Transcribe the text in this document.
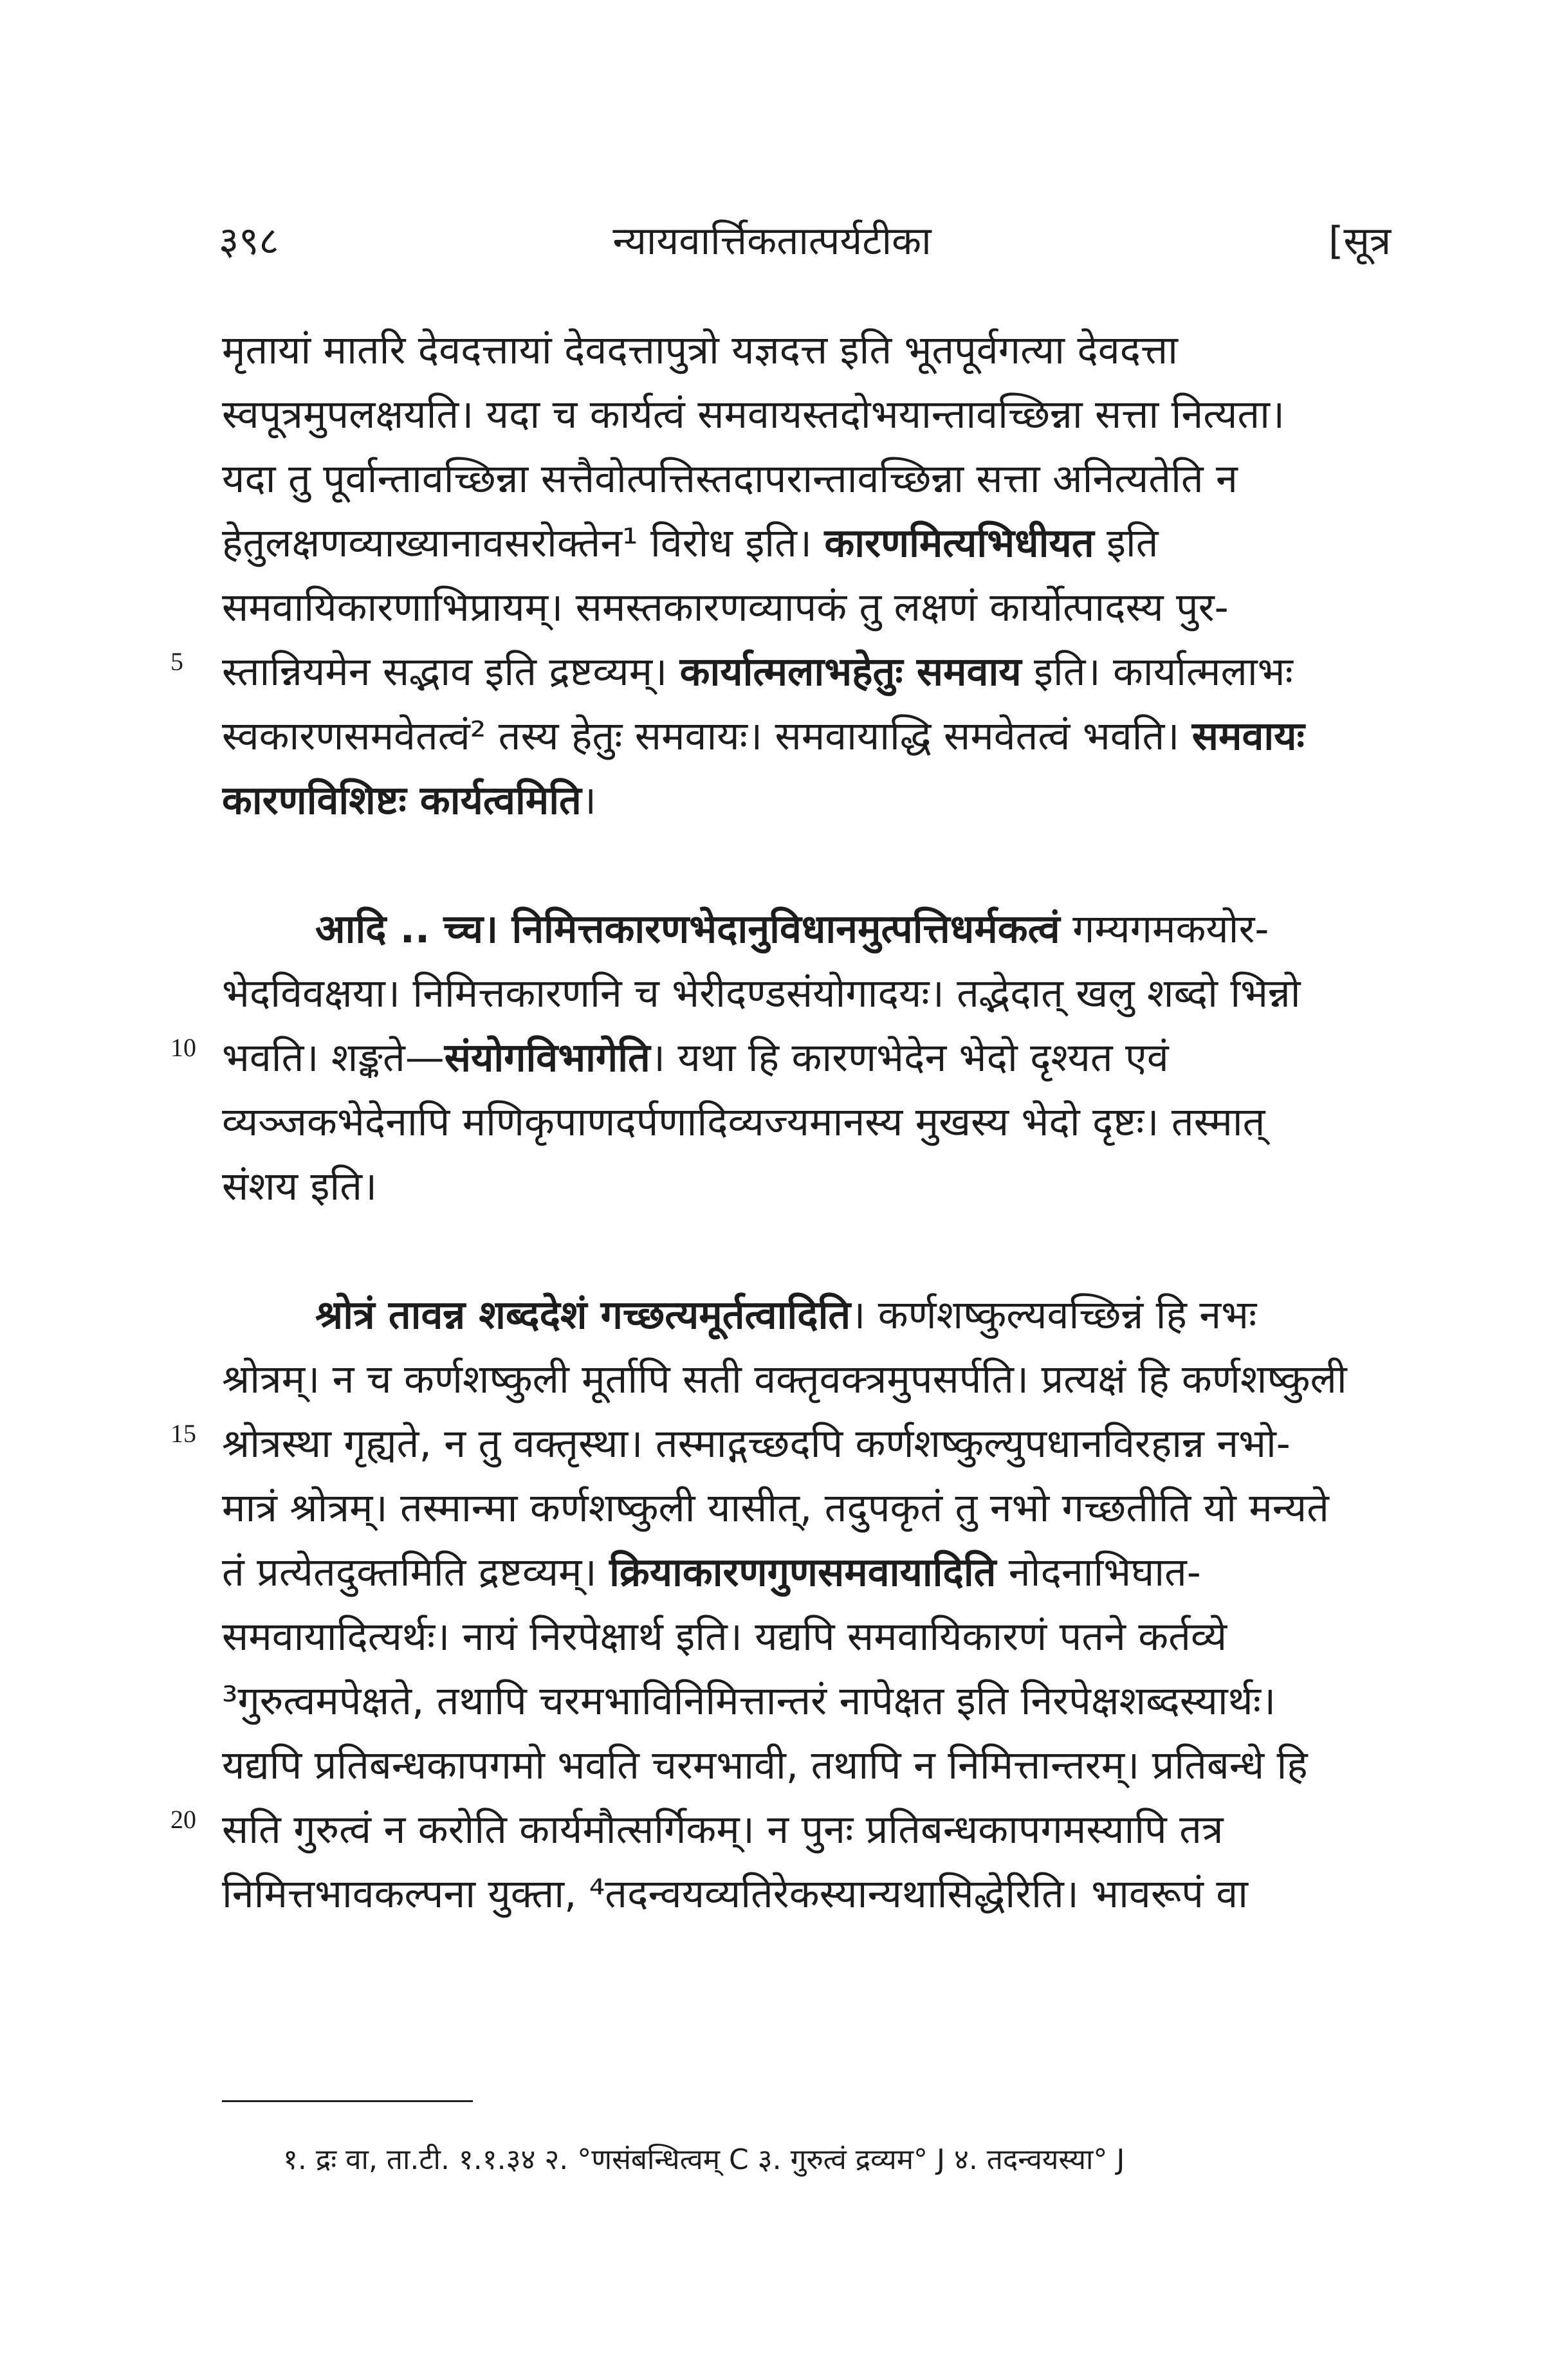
३९८	न्यायवार्त्तिकतात्पर्यटीका	[सूत्र
मृतायां मातरि देवदत्तायां देवदत्तापुत्रो यज्ञदत्त इति भूतपूर्वगत्या देवदत्ता
स्वपूत्रमुपलक्षयति। यदा च कार्यत्वं समवायस्तदोभयान्तावच्छिन्ना सत्ता नित्यता।
यदा तु पूर्वान्तावच्छिन्ना सत्तैवोत्पत्तिस्तदापरान्तावच्छिन्ना सत्ता अनित्यतेति न
हेतुलक्षणव्याख्यानावसरोक्तेन¹ विरोध इति। कारणमित्यभिधीयत इति
समवायिकारणाभिप्रायम्। समस्तकारणव्यापकं तु लक्षणं कार्योत्पादस्य पुर-
स्तान्नियमेन सद्भाव इति द्रष्टव्यम्। कार्यात्मलाभहेतुः समवाय इति। कार्यात्मलाभः
स्वकारणसमवेतत्वं² तस्य हेतुः समवायः। समवायाद्धि समवेतत्वं भवति। समवायः
कारणविशिष्टः कार्यत्वमिति।
आदि .. च्च। निमित्तकारणभेदानुविधानमुत्पत्तिधर्मकत्वं गम्यगमकयोर-
भेदविवक्षया। निमित्तकारणनि च भेरीदण्डसंयोगादयः। तद्भेदात् खलु शब्दो भिन्नो
भवति। शङ्कते—संयोगविभागेति। यथा हि कारणभेदेन भेदो दृश्यत एवं
व्यञ्जकभेदेनापि मणिकृपाणदर्पणादिव्यज्यमानस्य मुखस्य भेदो दृष्टः। तस्मात्
संशय इति।
श्रोत्रं तावन्न शब्ददेशं गच्छत्यमूर्तत्वादिति। कर्णशष्कुल्यवच्छिन्नं हि नभः
श्रोत्रम्। न च कर्णशष्कुली मूर्तापि सती वक्तृवक्त्रमुपसर्पति। प्रत्यक्षं हि कर्णशष्कुली
श्रोत्रस्था गृह्यते, न तु वक्तृस्था। तस्माद्गच्छदपि कर्णशष्कुल्युपधानविरहान्न नभो-
मात्रं श्रोत्रम्। तस्मान्मा कर्णशष्कुली यासीत्, तदुपकृतं तु नभो गच्छतीति यो मन्यते
तं प्रत्येतदुक्तमिति द्रष्टव्यम्। क्रियाकारणगुणसमवायादिति नोदनाभिघात-
समवायादित्यर्थः। नायं निरपेक्षार्थ इति। यद्यपि समवायिकारणं पतने कर्तव्ये
³गुरुत्वमपेक्षते, तथापि चरमभाविनिमित्तान्तरं नापेक्षत इति निरपेक्षशब्दस्यार्थः।
यद्यपि प्रतिबन्धकापगमो भवति चरमभावी, तथापि न निमित्तान्तरम्। प्रतिबन्धे हि
सति गुरुत्वं न करोति कार्यमौत्सर्गिकम्। न पुनः प्रतिबन्धकापगमस्यापि तत्र
निमित्तभावकल्पना युक्ता, ⁴तदन्वयव्यतिरेकस्यान्यथासिद्धेरिति। भावरूपं वा
5
10
15
20
१. द्रः वा, ता.टी. १.१.३४ २. °णसंबन्धित्वम् C ३. गुरुत्वं द्रव्यम° J ४. तदन्वयस्या° J
